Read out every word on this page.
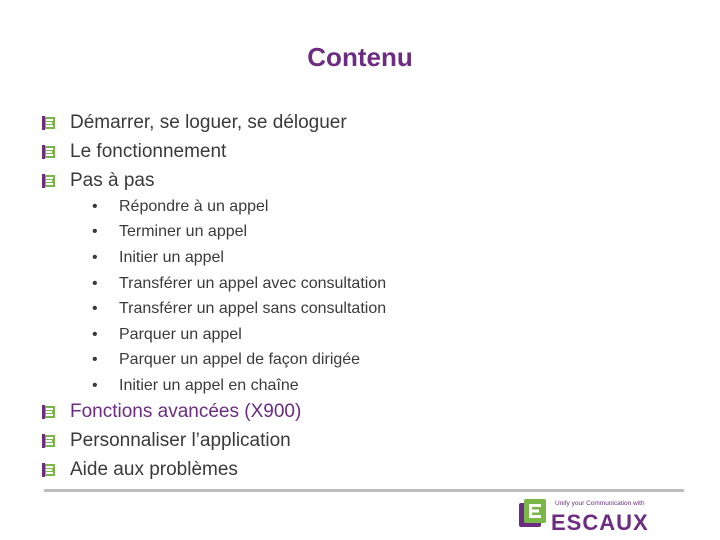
Contenu
Démarrer, se loguer, se déloguer
Le fonctionnement
Pas à pas
• Répondre à un appel
• Terminer un appel
• Initier un appel
• Transférer un appel avec consultation
• Transférer un appel sans consultation
• Parquer un appel
• Parquer un appel de façon dirigée
• Initier un appel en chaîne
Fonctions avancées (X900)
Personnaliser l’application
Aide aux problèmes
Unify your Communication with
ESCAUX
